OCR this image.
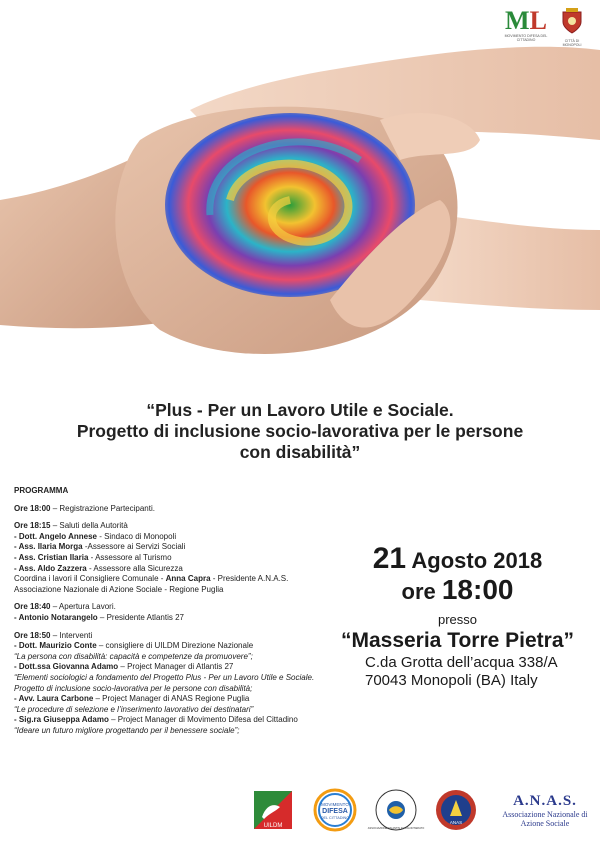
ML
MOVIMENTO DIFESA DEL CITTADINO	CITTÀ DI MONOPOLI
“Plus - Per un Lavoro Utile e Sociale.
Progetto di inclusione socio-lavorativa per le persone
con disabilità”
PROGRAMMA
Ore 18:00 – Registrazione Partecipanti.
Ore 18:15 – Saluti della Autorità
- Dott. Angelo Annese - Sindaco di Monopoli
- Ass. Ilaria Morga -Assessore ai Servizi Sociali
- Ass. Cristian Ilaria - Assessore al Turismo
- Ass. Aldo Zazzera - Assessore alla Sicurezza
Coordina i lavori il Consigliere Comunale - Anna Capra - Presidente A.N.A.S.
Associazione Nazionale di Azione Sociale - Regione Puglia
Ore 18:40 – Apertura Lavori.
- Antonio Notarangelo – Presidente Atlantis 27
Ore 18:50 – Interventi
- Dott. Maurizio Conte – consigliere di UILDM Direzione Nazionale
“La persona con disabilità: capacità e competenze da promuovere”;
- Dott.ssa Giovanna Adamo – Project Manager di Atlantis 27
“Elementi sociologici a fondamento del Progetto Plus - Per un Lavoro Utile e Sociale.
Progetto di inclusione socio-lavorativa per le persone con disabilità;
- Avv. Laura Carbone – Project Manager di ANAS Regione Puglia
“Le procedure di selezione e l’inserimento lavorativo dei destinatari”
- Sig.ra Giuseppa Adamo – Project Manager di Movimento Difesa del Cittadino
“Ideare un futuro migliore progettando per il benessere sociale”;
21 Agosto 2018
ore 18:00
presso
“Masseria Torre Pietra”
C.da Grotta dell’acqua 338/A
70043 Monopoli (BA) Italy
UILDM
MOVIMENTO
DIFESA
DEL CITTADINO
ASSOCIAZIONE ATLANTIS 27 VOLONTARIATO
ANAS
A.N.A.S.
Associazione Nazionale di
Azione Sociale
